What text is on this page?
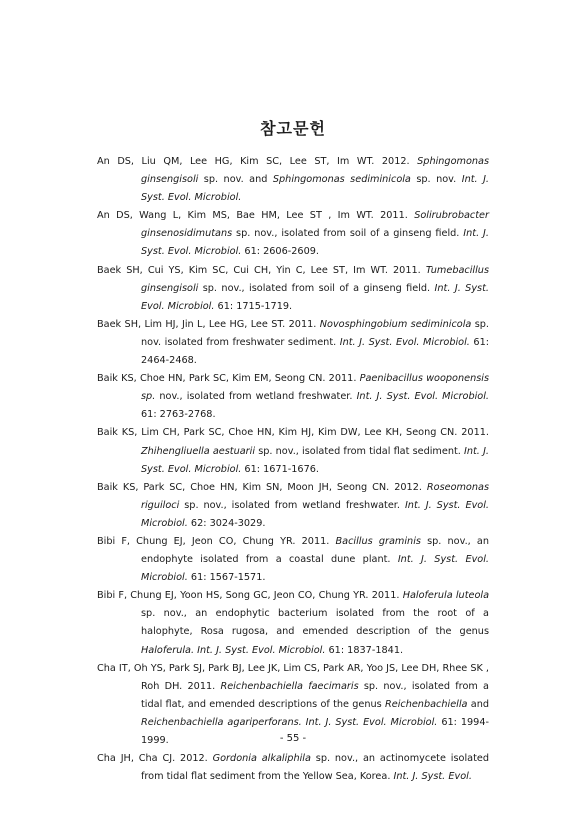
참고문헌

An DS, Liu QM, Lee HG, Kim SC, Lee ST, Im WT. 2012. Sphingomonas ginsengisoli sp. nov. and Sphingomonas sediminicola sp. nov. Int. J. Syst. Evol. Microbiol.

An DS, Wang L, Kim MS, Bae HM, Lee ST , Im WT. 2011. Solirubrobacter ginsenosidimutans sp. nov., isolated from soil of a ginseng field. Int. J. Syst. Evol. Microbiol. 61: 2606-2609.

Baek SH, Cui YS, Kim SC, Cui CH, Yin C, Lee ST, Im WT. 2011. Tumebacillus ginsengisoli sp. nov., isolated from soil of a ginseng field. Int. J. Syst. Evol. Microbiol. 61: 1715-1719.

Baek SH, Lim HJ, Jin L, Lee HG, Lee ST. 2011. Novosphingobium sediminicola sp. nov. isolated from freshwater sediment. Int. J. Syst. Evol. Microbiol. 61: 2464-2468.

Baik KS, Choe HN, Park SC, Kim EM, Seong CN. 2011. Paenibacillus wooponensis sp. nov., isolated from wetland freshwater. Int. J. Syst. Evol. Microbiol. 61: 2763-2768.

Baik KS, Lim CH, Park SC, Choe HN, Kim HJ, Kim DW, Lee KH, Seong CN. 2011. Zhihengliuella aestuarii sp. nov., isolated from tidal flat sediment. Int. J. Syst. Evol. Microbiol. 61: 1671-1676.

Baik KS, Park SC, Choe HN, Kim SN, Moon JH, Seong CN. 2012. Roseomonas riguiloci sp. nov., isolated from wetland freshwater. Int. J. Syst. Evol. Microbiol. 62: 3024-3029.

Bibi F, Chung EJ, Jeon CO, Chung YR. 2011. Bacillus graminis sp. nov., an endophyte isolated from a coastal dune plant. Int. J. Syst. Evol. Microbiol. 61: 1567-1571.

Bibi F, Chung EJ, Yoon HS, Song GC, Jeon CO, Chung YR. 2011. Haloferula luteola sp. nov., an endophytic bacterium isolated from the root of a halophyte, Rosa rugosa, and emended description of the genus Haloferula. Int. J. Syst. Evol. Microbiol. 61: 1837-1841.

Cha IT, Oh YS, Park SJ, Park BJ, Lee JK, Lim CS, Park AR, Yoo JS, Lee DH, Rhee SK , Roh DH. 2011. Reichenbachiella faecimaris sp. nov., isolated from a tidal flat, and emended descriptions of the genus Reichenbachiella and Reichenbachiella agariperforans. Int. J. Syst. Evol. Microbiol. 61: 1994-1999.

Cha JH, Cha CJ. 2012. Gordonia alkaliphila sp. nov., an actinomycete isolated from tidal flat sediment from the Yellow Sea, Korea. Int. J. Syst. Evol.

- 55 -
